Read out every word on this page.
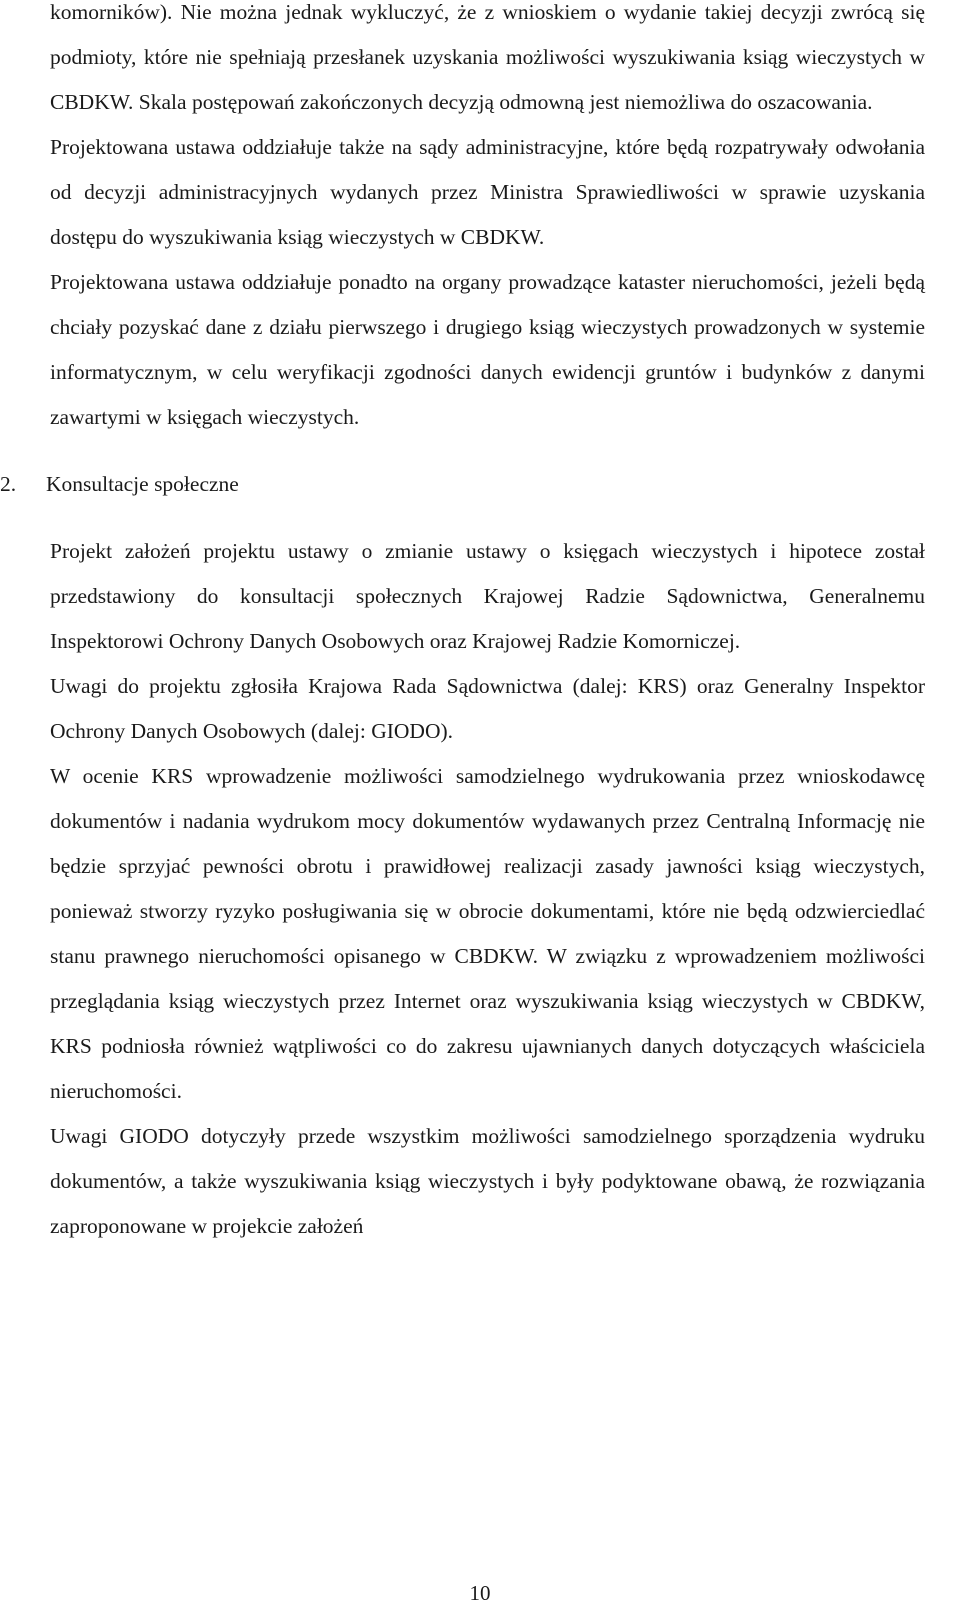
komorników). Nie można jednak wykluczyć, że z wnioskiem o wydanie takiej decyzji zwrócą się podmioty, które nie spełniają przesłanek uzyskania możliwości wyszukiwania ksiąg wieczystych w CBDKW. Skala postępowań zakończonych decyzją odmowną jest niemożliwa do oszacowania.

Projektowana ustawa oddziałuje także na sądy administracyjne, które będą rozpatrywały odwołania od decyzji administracyjnych wydanych przez Ministra Sprawiedliwości w sprawie uzyskania dostępu do wyszukiwania ksiąg wieczystych w CBDKW.

Projektowana ustawa oddziałuje ponadto na organy prowadzące kataster nieruchomości, jeżeli będą chciały pozyskać dane z działu pierwszego i drugiego ksiąg wieczystych prowadzonych w systemie informatycznym, w celu weryfikacji zgodności danych ewidencji gruntów i budynków z danymi zawartymi w księgach wieczystych.

2.	Konsultacje społeczne

Projekt założeń projektu ustawy o zmianie ustawy o księgach wieczystych i hipotece został przedstawiony do konsultacji społecznych Krajowej Radzie Sądownictwa, Generalnemu Inspektorowi Ochrony Danych Osobowych oraz Krajowej Radzie Komorniczej.

Uwagi do projektu zgłosiła Krajowa Rada Sądownictwa (dalej: KRS) oraz Generalny Inspektor Ochrony Danych Osobowych (dalej: GIODO).

W ocenie KRS wprowadzenie możliwości samodzielnego wydrukowania przez wnioskodawcę dokumentów i nadania wydrukom mocy dokumentów wydawanych przez Centralną Informację nie będzie sprzyjać pewności obrotu i prawidłowej realizacji zasady jawności ksiąg wieczystych, ponieważ stworzy ryzyko posługiwania się w obrocie dokumentami, które nie będą odzwierciedlać stanu prawnego nieruchomości opisanego w CBDKW. W związku z wprowadzeniem możliwości przeglądania ksiąg wieczystych przez Internet oraz wyszukiwania ksiąg wieczystych w CBDKW, KRS podniosła również wątpliwości co do zakresu ujawnianych danych dotyczących właściciela nieruchomości.

Uwagi GIODO dotyczyły przede wszystkim możliwości samodzielnego sporządzenia wydruku dokumentów, a także wyszukiwania ksiąg wieczystych i były podyktowane obawą, że rozwiązania zaproponowane w projekcie założeń

10
